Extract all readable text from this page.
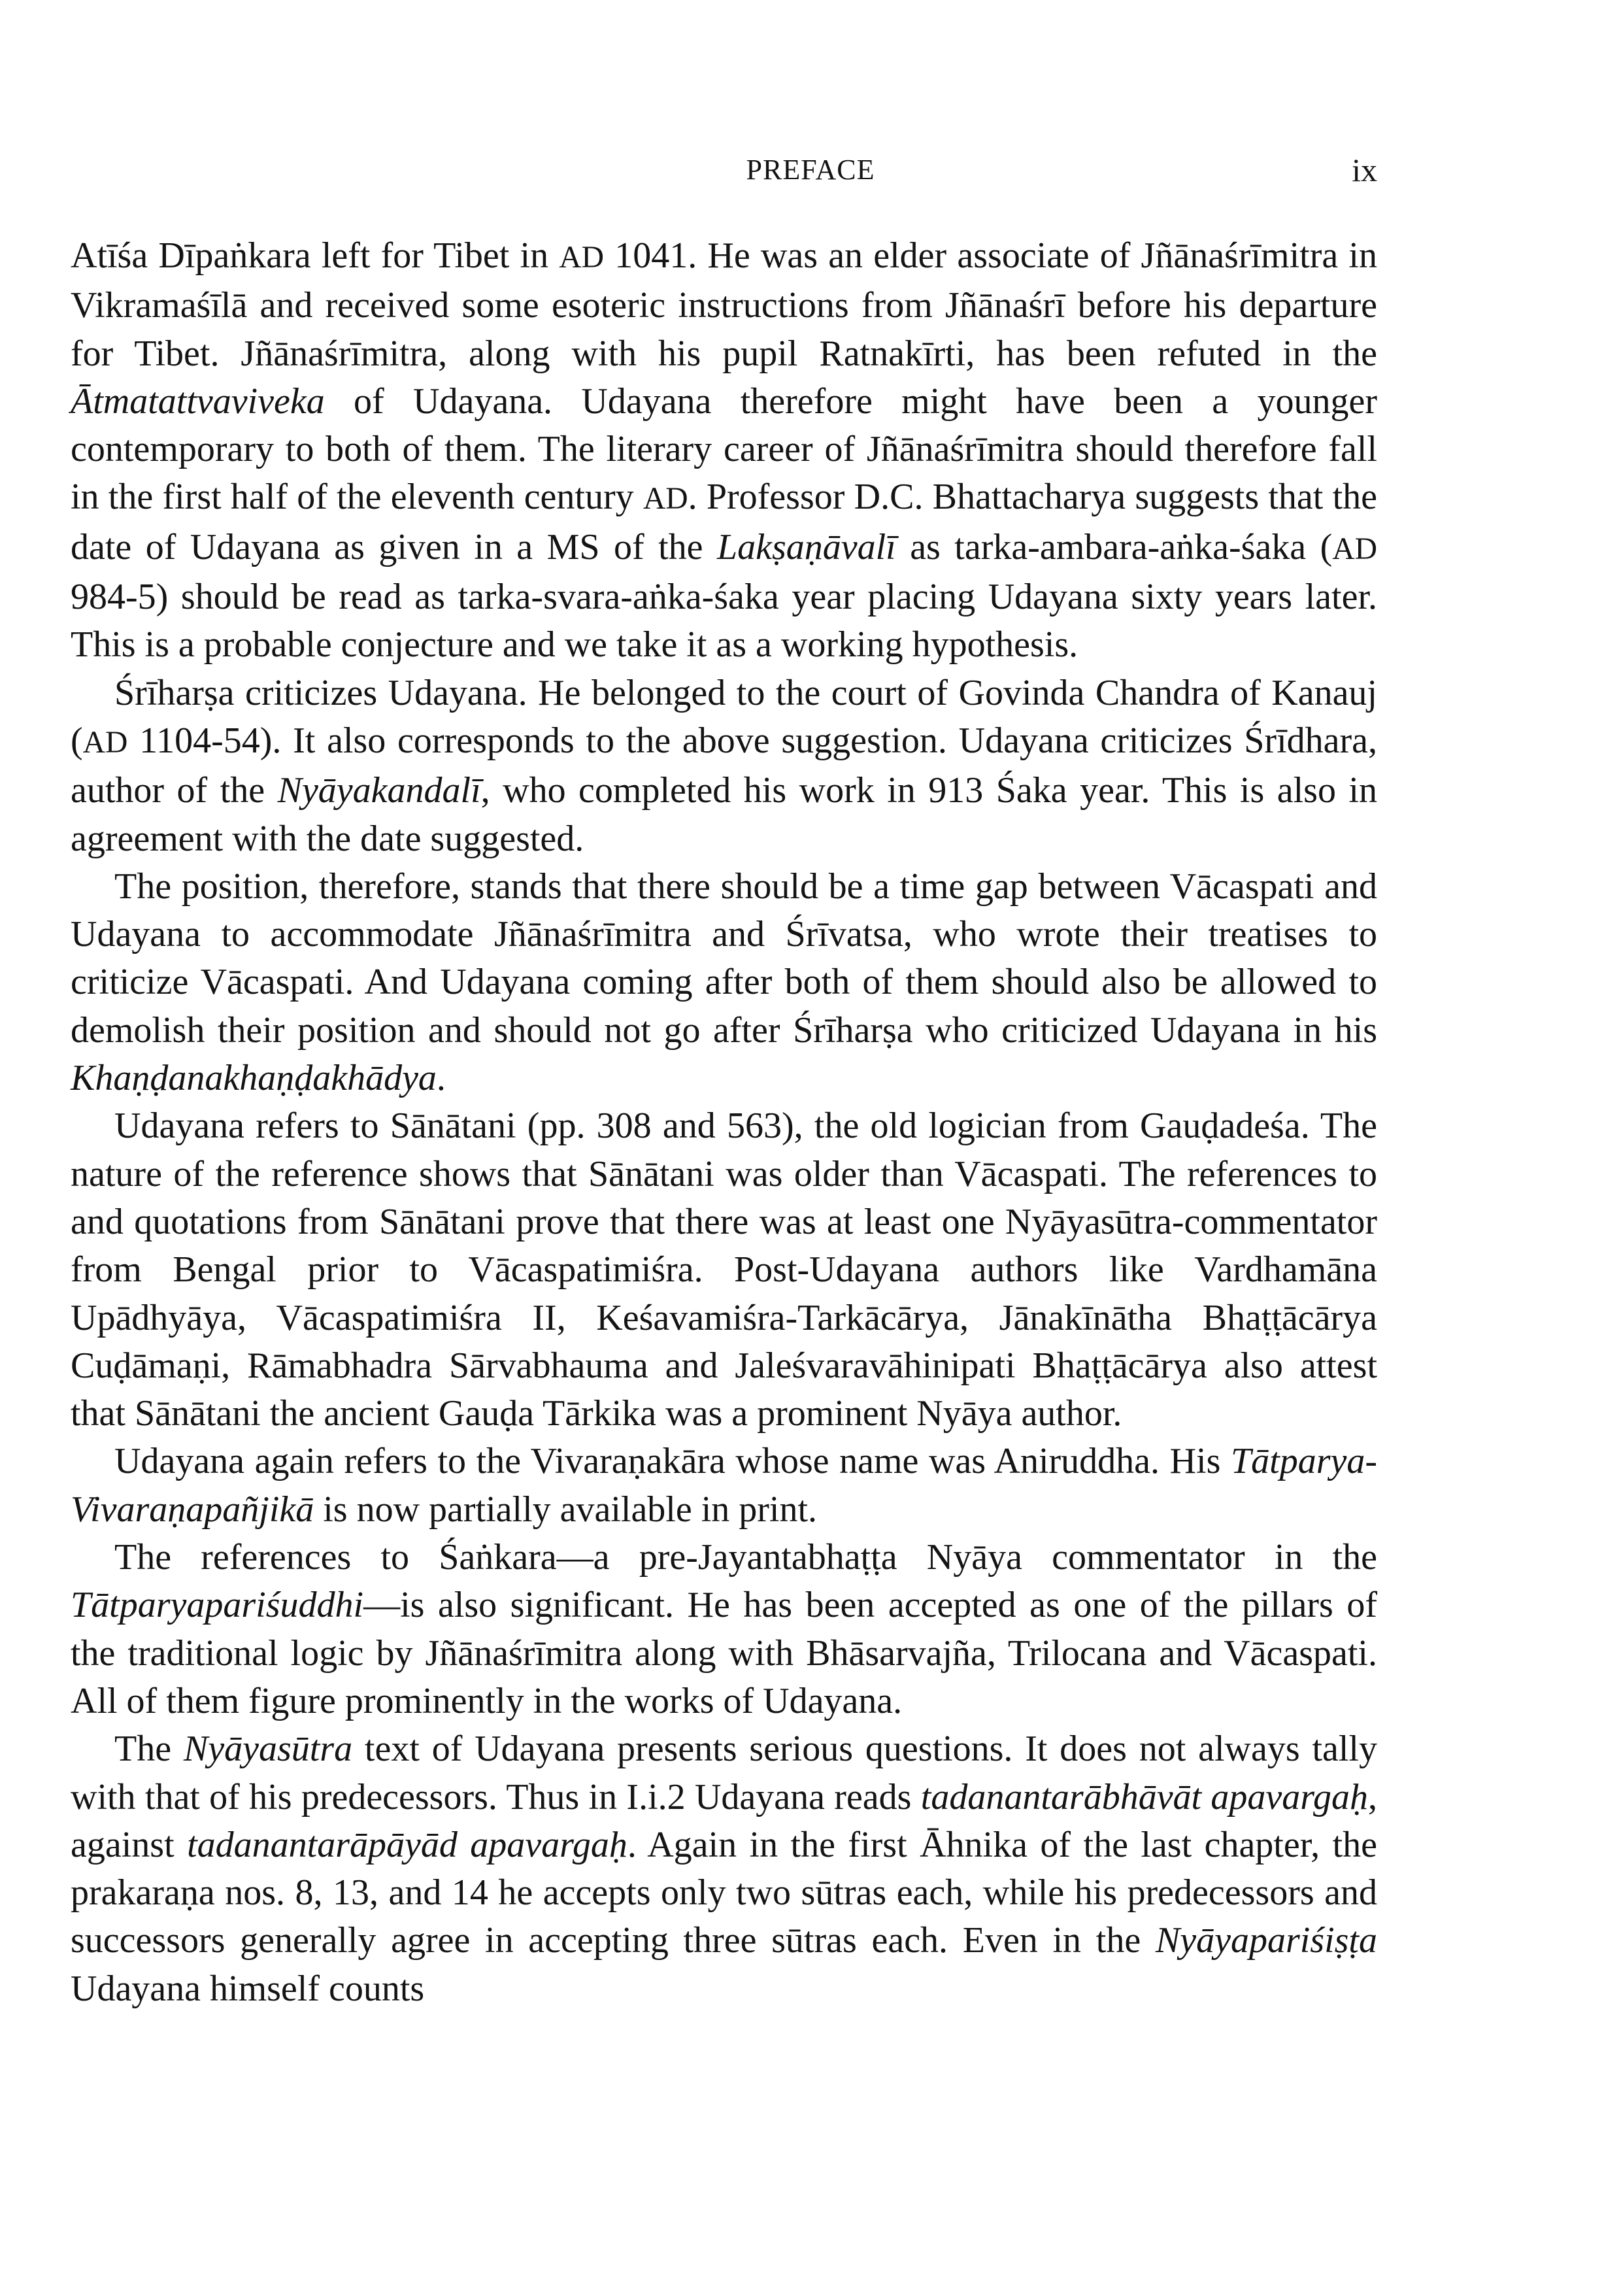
PREFACE	ix

Atīśa Dīpaṅkara left for Tibet in AD 1041. He was an elder associate of Jñānaśrīmitra in Vikramaśīlā and received some esoteric instructions from Jñānaśrī before his departure for Tibet. Jñānaśrīmitra, along with his pupil Ratnakīrti, has been refuted in the Ātmatattvaviveka of Udayana. Udayana therefore might have been a younger contemporary to both of them. The literary career of Jñānaśrīmitra should therefore fall in the first half of the eleventh century AD. Professor D.C. Bhattacharya suggests that the date of Udayana as given in a MS of the Lakṣaṇāvalī as tarka-ambara-aṅka-śaka (AD 984-5) should be read as tarka-svara-aṅka-śaka year placing Udayana sixty years later. This is a probable conjecture and we take it as a working hypothesis.

Śrīharṣa criticizes Udayana. He belonged to the court of Govinda Chandra of Kanauj (AD 1104-54). It also corresponds to the above suggestion. Udayana criticizes Śrīdhara, author of the Nyāyakandalī, who completed his work in 913 Śaka year. This is also in agreement with the date suggested.

The position, therefore, stands that there should be a time gap between Vācaspati and Udayana to accommodate Jñānaśrīmitra and Śrīvatsa, who wrote their treatises to criticize Vācaspati. And Udayana coming after both of them should also be allowed to demolish their position and should not go after Śrīharṣa who criticized Udayana in his Khaṇḍanakhaṇḍakhādya.

Udayana refers to Sānātani (pp. 308 and 563), the old logician from Gauḍadeśa. The nature of the reference shows that Sānātani was older than Vācaspati. The references to and quotations from Sānātani prove that there was at least one Nyāyasūtra-commentator from Bengal prior to Vācaspatimiśra. Post-Udayana authors like Vardhamāna Upādhyāya, Vācaspatimiśra II, Keśavamiśra-Tarkācārya, Jānakīnātha Bhaṭṭācārya Cuḍāmaṇi, Rāmabhadra Sārvabhauma and Jaleśvaravāhinipati Bhaṭṭācārya also attest that Sānātani the ancient Gauḍa Tārkika was a prominent Nyāya author.

Udayana again refers to the Vivaraṇakāra whose name was Aniruddha. His Tātparya-Vivaraṇapañjikā is now partially available in print.

The references to Śaṅkara—a pre-Jayantabhaṭṭa Nyāya commentator in the Tātparyapariśuddhi—is also significant. He has been accepted as one of the pillars of the traditional logic by Jñānaśrīmitra along with Bhāsarvajña, Trilocana and Vācaspati. All of them figure prominently in the works of Udayana.

The Nyāyasūtra text of Udayana presents serious questions. It does not always tally with that of his predecessors. Thus in I.i.2 Udayana reads tadanantarābhāvāt apavargaḥ, against tadanantarāpāyād apavargaḥ. Again in the first Āhnika of the last chapter, the prakaraṇa nos. 8, 13, and 14 he accepts only two sūtras each, while his predecessors and successors generally agree in accepting three sūtras each. Even in the Nyāyapariśiṣṭa Udayana himself counts
